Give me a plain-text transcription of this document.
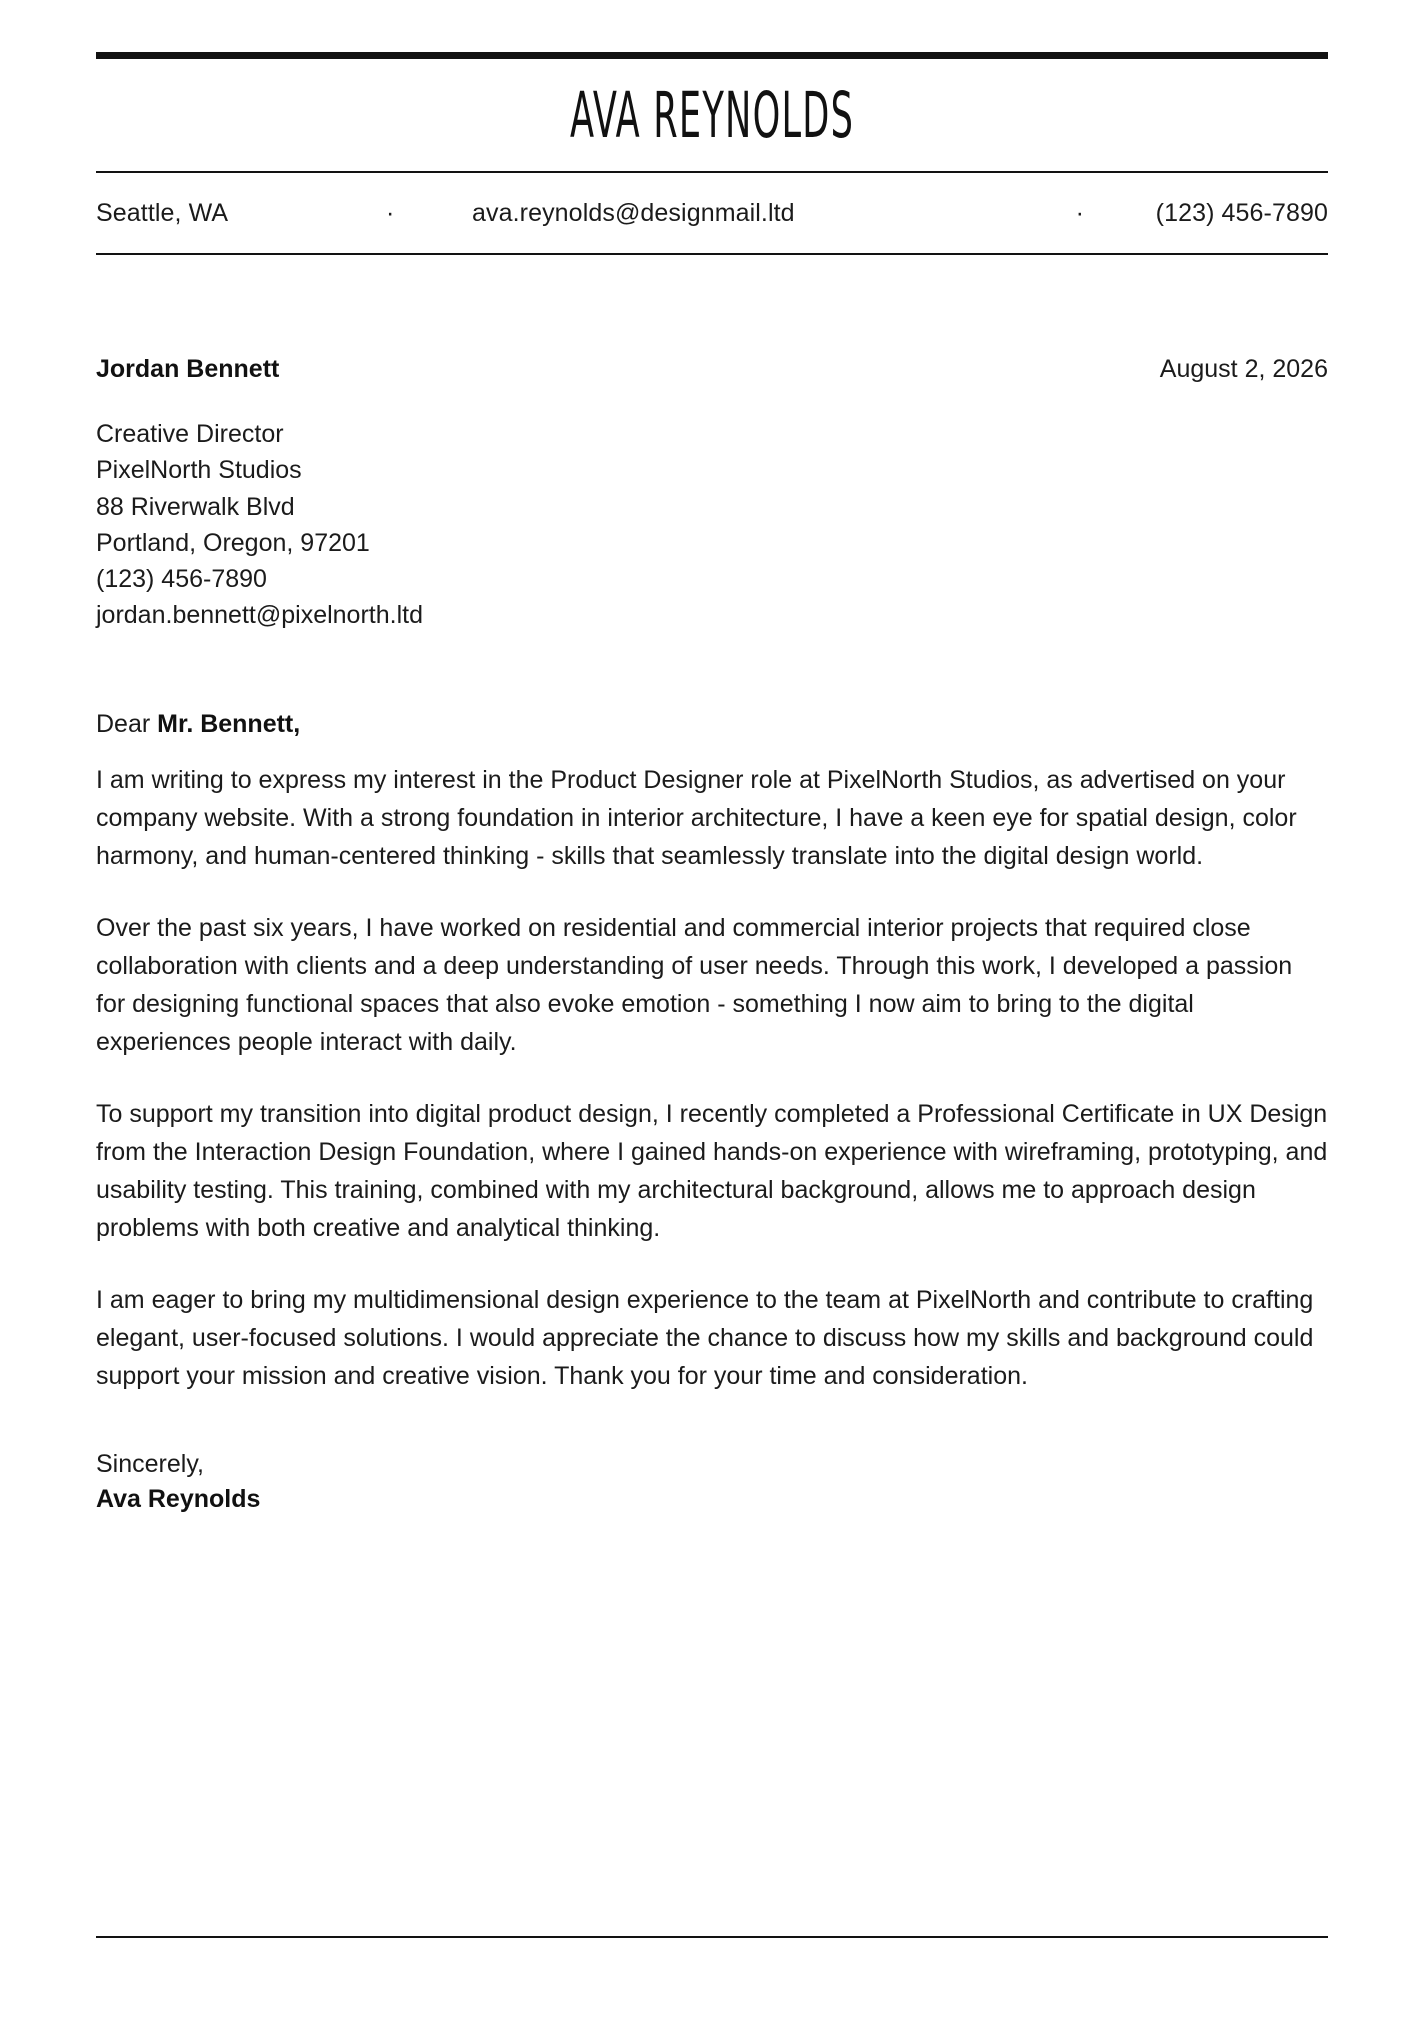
AVA REYNOLDS
Seattle, WA	·	ava.reynolds@designmail.ltd	·	(123) 456-7890
Jordan Bennett	August 2, 2026
Creative Director
PixelNorth Studios
88 Riverwalk Blvd
Portland, Oregon, 97201
(123) 456-7890
jordan.bennett@pixelnorth.ltd
Dear Mr. Bennett,

I am writing to express my interest in the Product Designer role at PixelNorth Studios, as advertised on your company website. With a strong foundation in interior architecture, I have a keen eye for spatial design, color harmony, and human-centered thinking - skills that seamlessly translate into the digital design world.

Over the past six years, I have worked on residential and commercial interior projects that required close collaboration with clients and a deep understanding of user needs. Through this work, I developed a passion for designing functional spaces that also evoke emotion - something I now aim to bring to the digital experiences people interact with daily.

To support my transition into digital product design, I recently completed a Professional Certificate in UX Design from the Interaction Design Foundation, where I gained hands-on experience with wireframing, prototyping, and usability testing. This training, combined with my architectural background, allows me to approach design problems with both creative and analytical thinking.

I am eager to bring my multidimensional design experience to the team at PixelNorth and contribute to crafting elegant, user-focused solutions. I would appreciate the chance to discuss how my skills and background could support your mission and creative vision. Thank you for your time and consideration.

Sincerely,
Ava Reynolds
